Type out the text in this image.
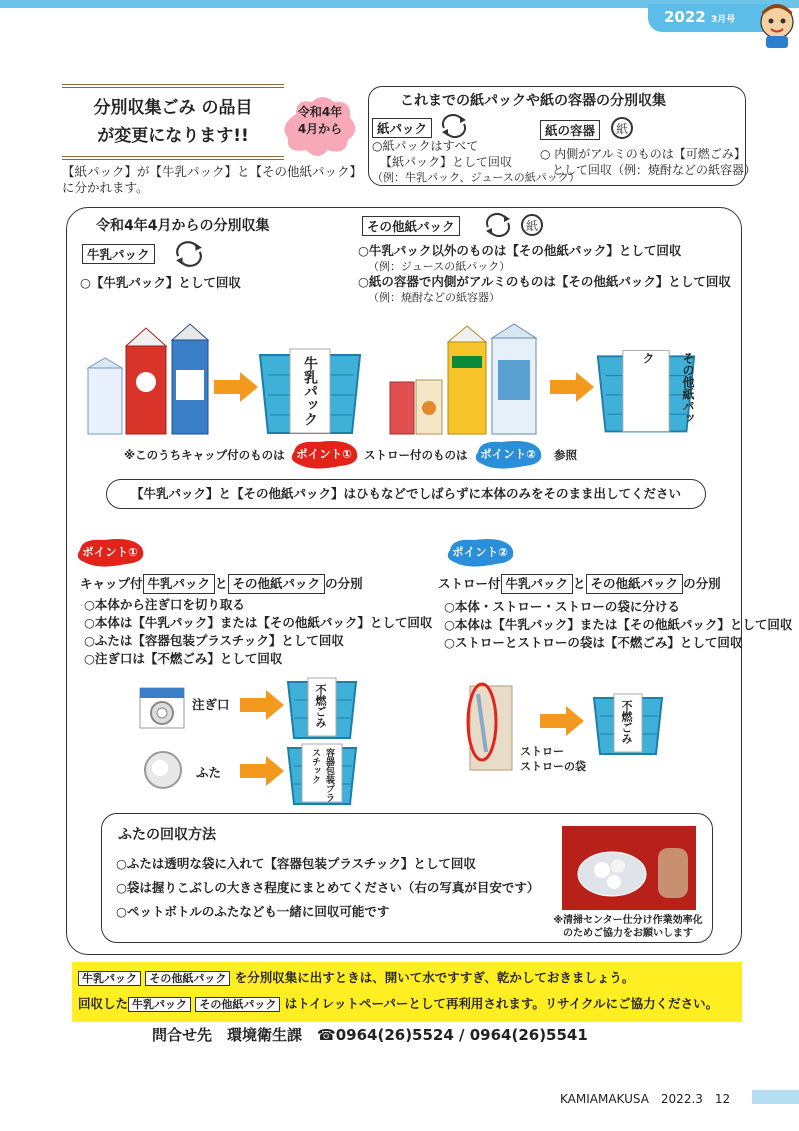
2022 3月号
分別収集ごみ の品目
が変更になります!!
令和4年
4月から
【紙パック】が【牛乳パック】と【その他紙パック】
に分かれます。
これまでの紙パックや紙の容器の分別収集
紙パック
○紙パックはすべて
【紙パック】として回収
（例：牛乳パック、ジュースの紙パック）
紙の容器	紙
○ 内側がアルミのものは【可燃ごみ】
として回収（例：焼酎などの紙容器）
令和4年4月からの分別収集
牛乳パック
○【牛乳パック】として回収
その他紙パック	紙
○牛乳パック以外のものは【その他紙パック】として回収
（例：ジュースの紙パック）
○紙の容器で内側がアルミのものは【その他紙パック】として回収
（例：焼酎などの紙容器）
牛乳パック	その他紙パック
※このうちキャップ付のものは ポイント①	ストロー付のものは	ポイント②	参照
【牛乳パック】と【その他紙パック】はひもなどでしばらずに本体のみをそのまま出してください
ポイント①
キャップ付 牛乳パック と その他紙パック の分別
○本体から注ぎ口を切り取る
○本体は【牛乳パック】または【その他紙パック】として回収
○ふたは【容器包装プラスチック】として回収
○注ぎ口は【不燃ごみ】として回収
注ぎ口	不燃ごみ
ふた	容器包装プラスチック
ポイント②
ストロー付 牛乳パック と その他紙パック の分別
○本体・ストロー・ストローの袋に分ける
○本体は【牛乳パック】または【その他紙パック】として回収
○ストローとストローの袋は【不燃ごみ】として回収
ストロー
ストローの袋
不燃ごみ
ふたの回収方法
○ふたは透明な袋に入れて【容器包装プラスチック】として回収
○袋は握りこぶしの大きさ程度にまとめてください（右の写真が目安です）
○ペットボトルのふたなども一緒に回収可能です
※清掃センター仕分け作業効率化
のためご協力をお願いします
牛乳パック その他紙パック を分別収集に出すときは、開いて水ですすぎ、乾かしておきましょう。
回収した 牛乳パック その他紙パック はトイレットペーパーとして再利用されます。リサイクルにご協力ください。
問合せ先　環境衛生課　 ☎0964(26)5524 / 0964(26)5541
KAMIAMAKUSA　2022.3　12
